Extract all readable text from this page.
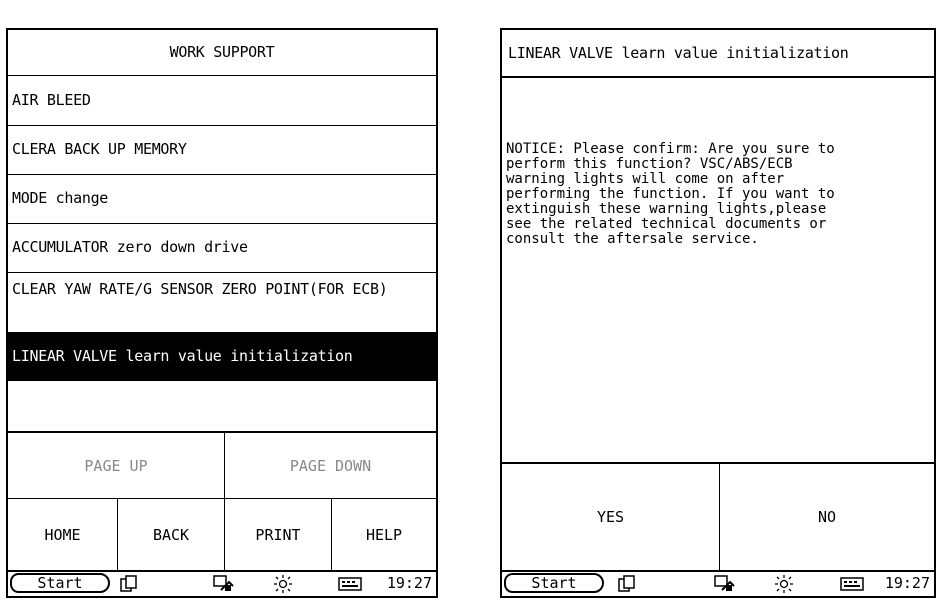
WORK SUPPORT
AIR BLEED
CLERA BACK UP MEMORY
MODE change
ACCUMULATOR zero down drive
CLEAR YAW RATE/G SENSOR ZERO POINT(FOR ECB)
LINEAR VALVE learn value initialization
PAGE UP	PAGE DOWN
HOME	BACK	PRINT	HELP
Start	19:27
LINEAR VALVE learn value initialization
NOTICE: Please confirm: Are you sure to
perform this function? VSC/ABS/ECB
warning lights will come on after
performing the function. If you want to
extinguish these warning lights,please
see the related technical documents or
consult the aftersale service.
YES	NO
Start	19:27
